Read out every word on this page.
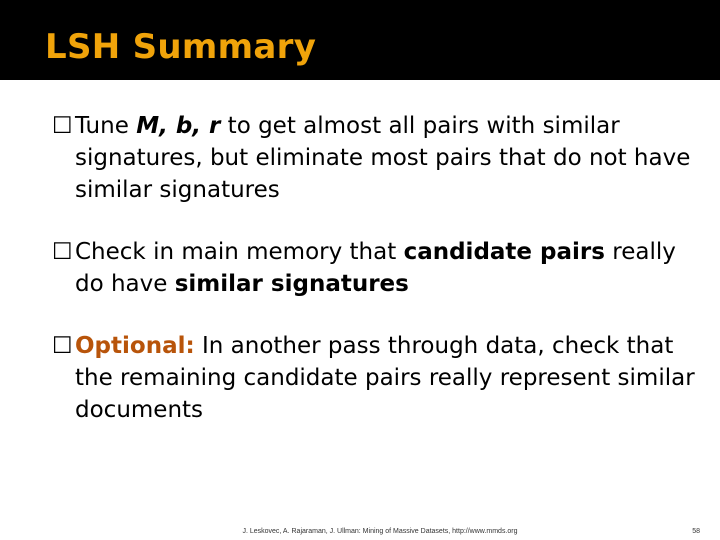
LSH Summary
☐ Tune M, b, r to get almost all pairs with similar signatures, but eliminate most pairs that do not have similar signatures
☐ Check in main memory that candidate pairs really do have similar signatures
☐ Optional: In another pass through data, check that the remaining candidate pairs really represent similar documents
J. Leskovec, A. Rajaraman, J. Ullman: Mining of Massive Datasets, http://www.mmds.org	58
